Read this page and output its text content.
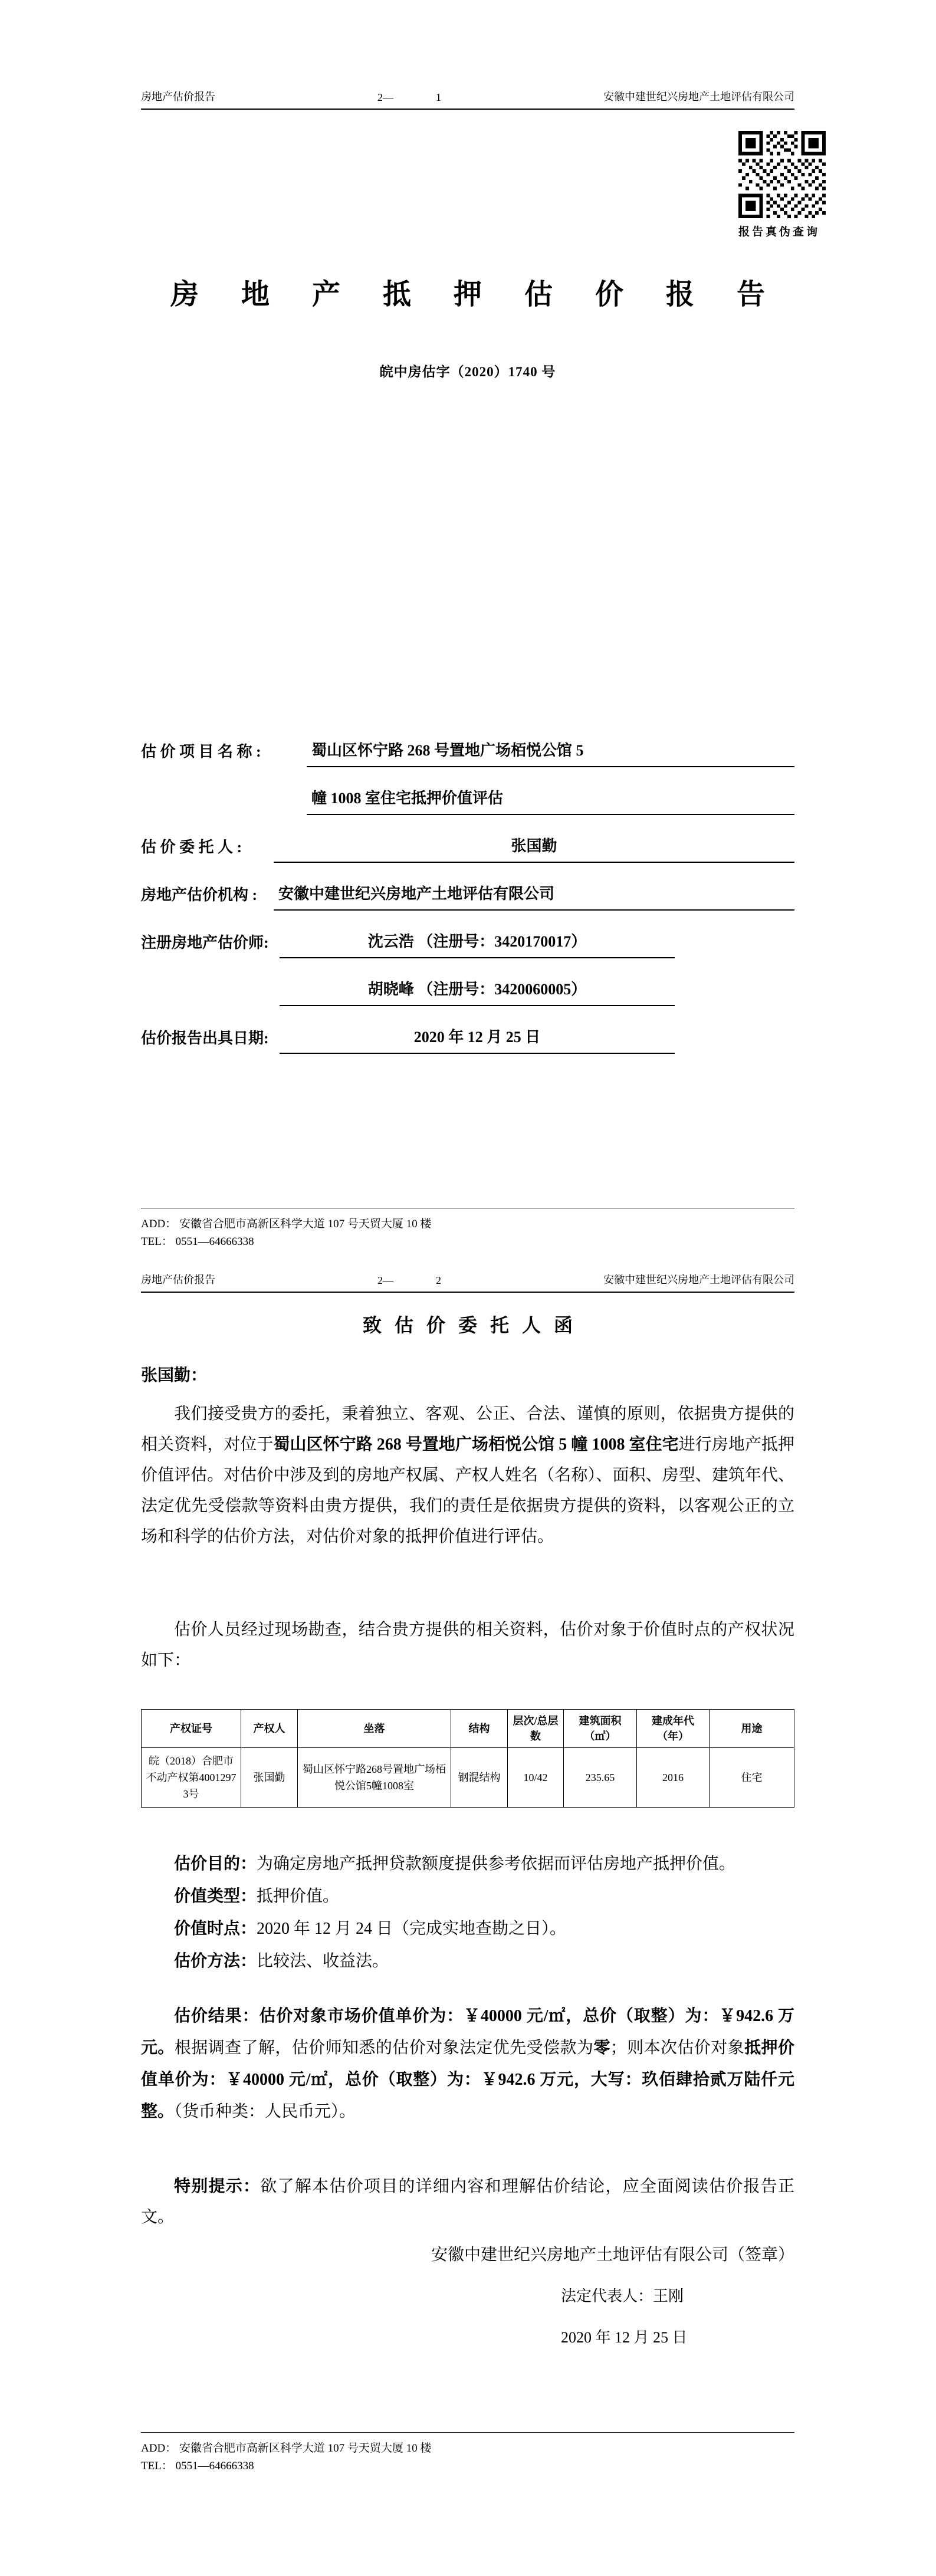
房地产估价报告	2—	1	安徽中建世纪兴房地产土地评估有限公司
报告真伪查询
房 地 产 抵 押 估 价 报 告
皖中房估字（2020）1740 号
估 价 项 目 名 称 :	蜀山区怀宁路 268 号置地广场栢悦公馆 5
幢 1008 室住宅抵押价值评估
估 价 委 托 人 :	张国勤
房地产估价机构 :	安徽中建世纪兴房地产土地评估有限公司
注册房地产估价师:	沈云浩 （注册号：3420170017）
胡晓峰 （注册号：3420060005）
估价报告出具日期:	2020 年 12 月 25 日
ADD： 安徽省合肥市高新区科学大道 107 号天贸大厦 10 楼
TEL： 0551—64666338
房地产估价报告	2—	2	安徽中建世纪兴房地产土地评估有限公司
致 估 价 委 托 人 函
张国勤：

我们接受贵方的委托，秉着独立、客观、公正、合法、谨慎的原则，依据贵方提供的相关资料，对位于蜀山区怀宁路 268 号置地广场栢悦公馆 5 幢 1008 室住宅进行房地产抵押价值评估。对估价中涉及到的房地产权属、产权人姓名（名称）、面积、房型、建筑年代、法定优先受偿款等资料由贵方提供，我们的责任是依据贵方提供的资料，以客观公正的立场和科学的估价方法，对估价对象的抵押价值进行评估。

估价人员经过现场勘查，结合贵方提供的相关资料，估价对象于价值时点的产权状况如下：

产权证号	产权人	坐落	结构	层次/总层数	建筑面积（㎡）	建成年代（年）	用途
皖（2018）合肥市不动产权第40012973号	张国勤	蜀山区怀宁路268号置地广场栢悦公馆5幢1008室	钢混结构	10/42	235.65	2016	住宅

估价目的：为确定房地产抵押贷款额度提供参考依据而评估房地产抵押价值。

价值类型：抵押价值。

价值时点：2020 年 12 月 24 日（完成实地查勘之日）。

估价方法：比较法、收益法。

估价结果：估价对象市场价值单价为：￥40000 元/㎡，总价（取整）为：￥942.6 万元。根据调查了解，估价师知悉的估价对象法定优先受偿款为零；则本次估价对象抵押价值单价为：￥40000 元/㎡，总价（取整）为：￥942.6 万元，大写：玖佰肆拾贰万陆仟元整。（货币种类：人民币元）。

特别提示：欲了解本估价项目的详细内容和理解估价结论，应全面阅读估价报告正文。

安徽中建世纪兴房地产土地评估有限公司（签章）
法定代表人：王刚
2020 年 12 月 25 日
ADD： 安徽省合肥市高新区科学大道 107 号天贸大厦 10 楼
TEL： 0551—64666338
